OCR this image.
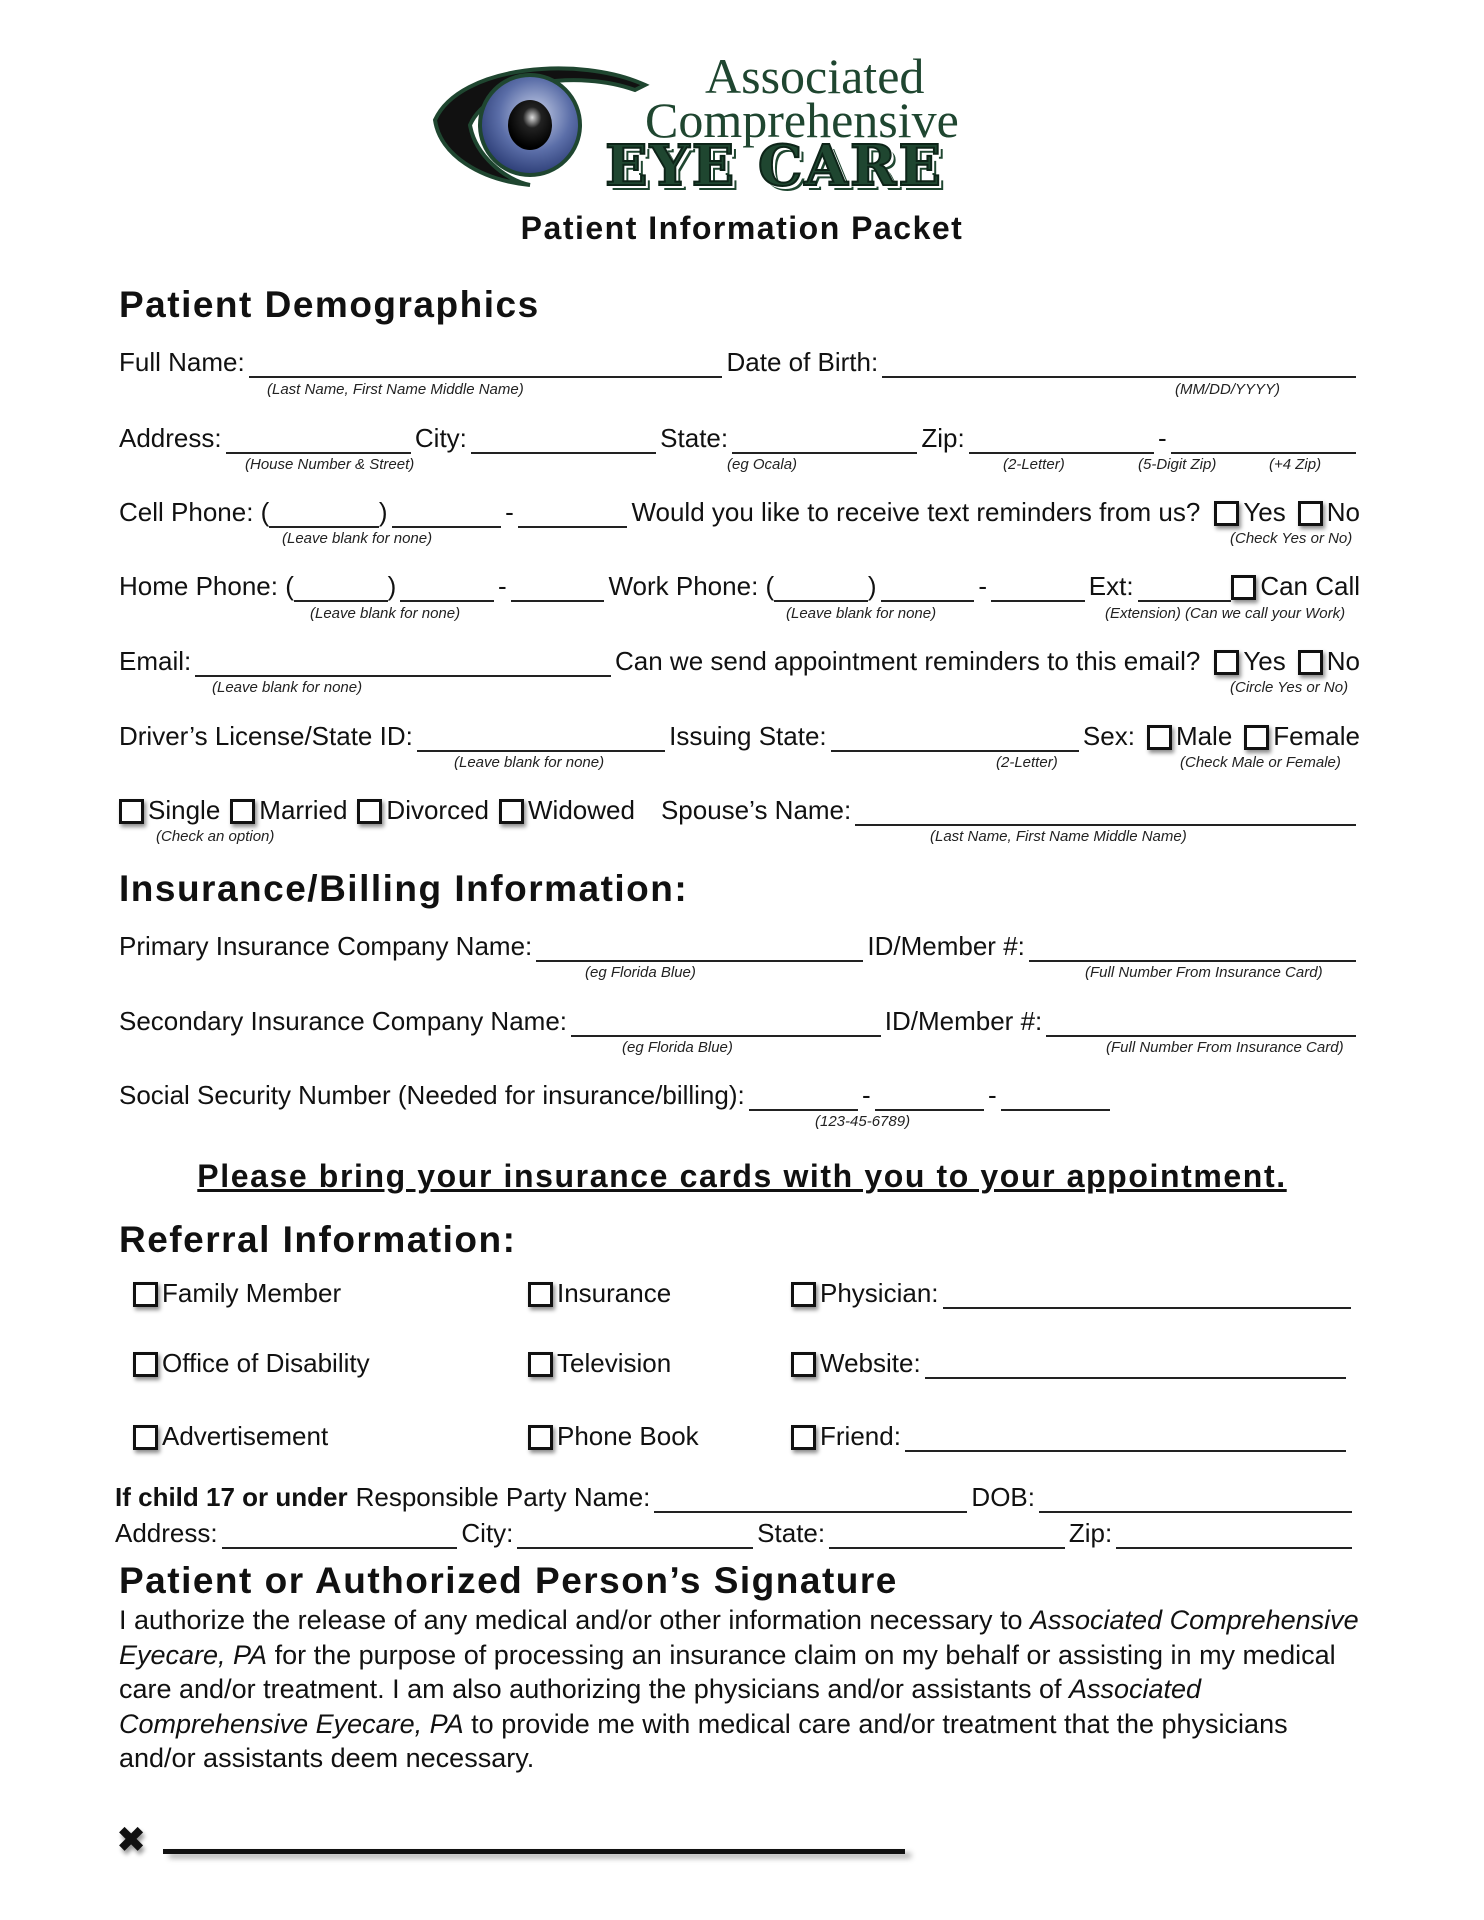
Associated
Comprehensive
EYE CARE
Patient Information Packet
Patient Demographics
Full Name:	Date of Birth:
(Last Name, First Name Middle Name)	(MM/DD/YYYY)
Address:	City:	State:	Zip:	-
(House Number & Street)	(eg Ocala)	(2-Letter)	(5-Digit Zip)	(+4 Zip)
Cell Phone: (	)	-	Would you like to receive text reminders from us? Yes No
(Leave blank for none)	(Check Yes or No)
Home Phone: (	)	-	Work Phone: (	)	-	Ext:	Can Call
(Leave blank for none)	(Leave blank for none)	(Extension) (Can we call your Work)
Email:	Can we send appointment reminders to this email? Yes No
(Leave blank for none)	(Circle Yes or No)
Driver’s License/State ID:	Issuing State:	Sex: Male Female
(Leave blank for none)	(2-Letter)	(Check Male or Female)
Single Married Divorced Widowed Spouse’s Name:
(Check an option)	(Last Name, First Name Middle Name)
Insurance/Billing Information:
Primary Insurance Company Name:	ID/Member #:
(eg Florida Blue)	(Full Number From Insurance Card)
Secondary Insurance Company Name:	ID/Member #:
(eg Florida Blue)	(Full Number From Insurance Card)
Social Security Number (Needed for insurance/billing):	-	-
(123-45-6789)
Please bring your insurance cards with you to your appointment.
Referral Information:
Family Member	Insurance	Physician:
Office of Disability	Television	Website:
Advertisement	Phone Book	Friend:
If child 17 or under Responsible Party Name:	DOB:
Address:	City:	State:	Zip:
Patient or Authorized Person’s Signature
I authorize the release of any medical and/or other information necessary to Associated Comprehensive Eyecare, PA for the purpose of processing an insurance claim on my behalf or assisting in my medical care and/or treatment. I am also authorizing the physicians and/or assistants of Associated Comprehensive Eyecare, PA to provide me with medical care and/or treatment that the physicians and/or assistants deem necessary.
✖
